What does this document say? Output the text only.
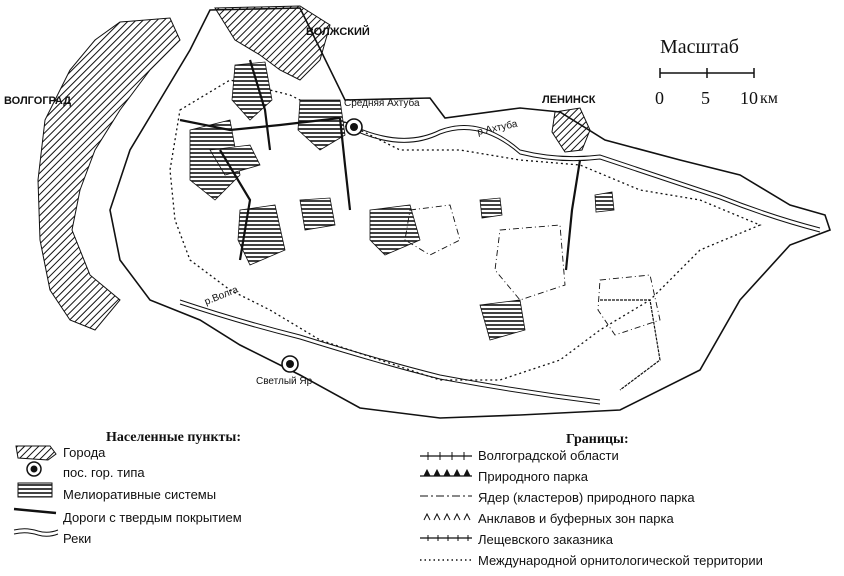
ВОЛЖСКИЙ
ВОЛГОГРАД	ЛЕНИНСК
Средняя Ахтуба
Светлый Яр
р.Ахтуба
р.Волга
Масштаб
0 5 10 км
Населенные пункты:
Города
пос. гор. типа
Мелиоративные системы
Дороги с твердым покрытием
Реки
Границы:
Волгоградской области
Природного парка
Ядер (кластеров) природного парка
Анклавов и буферных зон парка
Лещевского заказника
Международной орнитологической территории
